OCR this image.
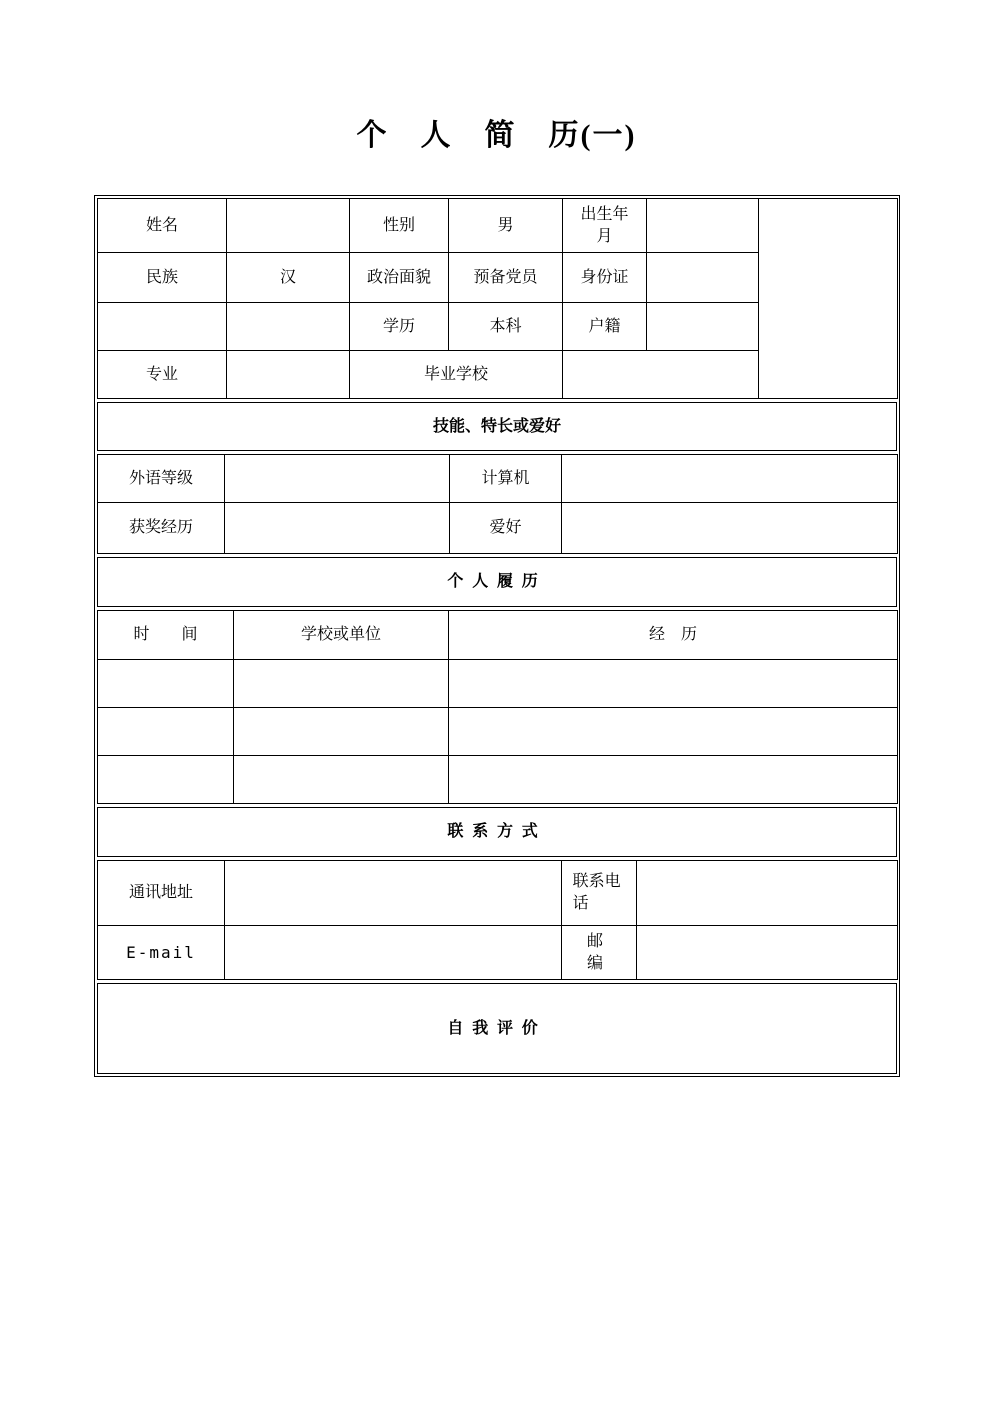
个　人　简　历(一)
姓名		性别	男	出生年月		
民族	汉	政治面貌	预备党员	身份证		
		学历	本科	户籍		
专业		毕业学校				
技能、特长或爱好
外语等级		计算机	
获奖经历		爱好	
个人履历
时　　间	学校或单位	经　历

联系方式
通讯地址		联系电话	
E-mail		邮编	
自我评价
